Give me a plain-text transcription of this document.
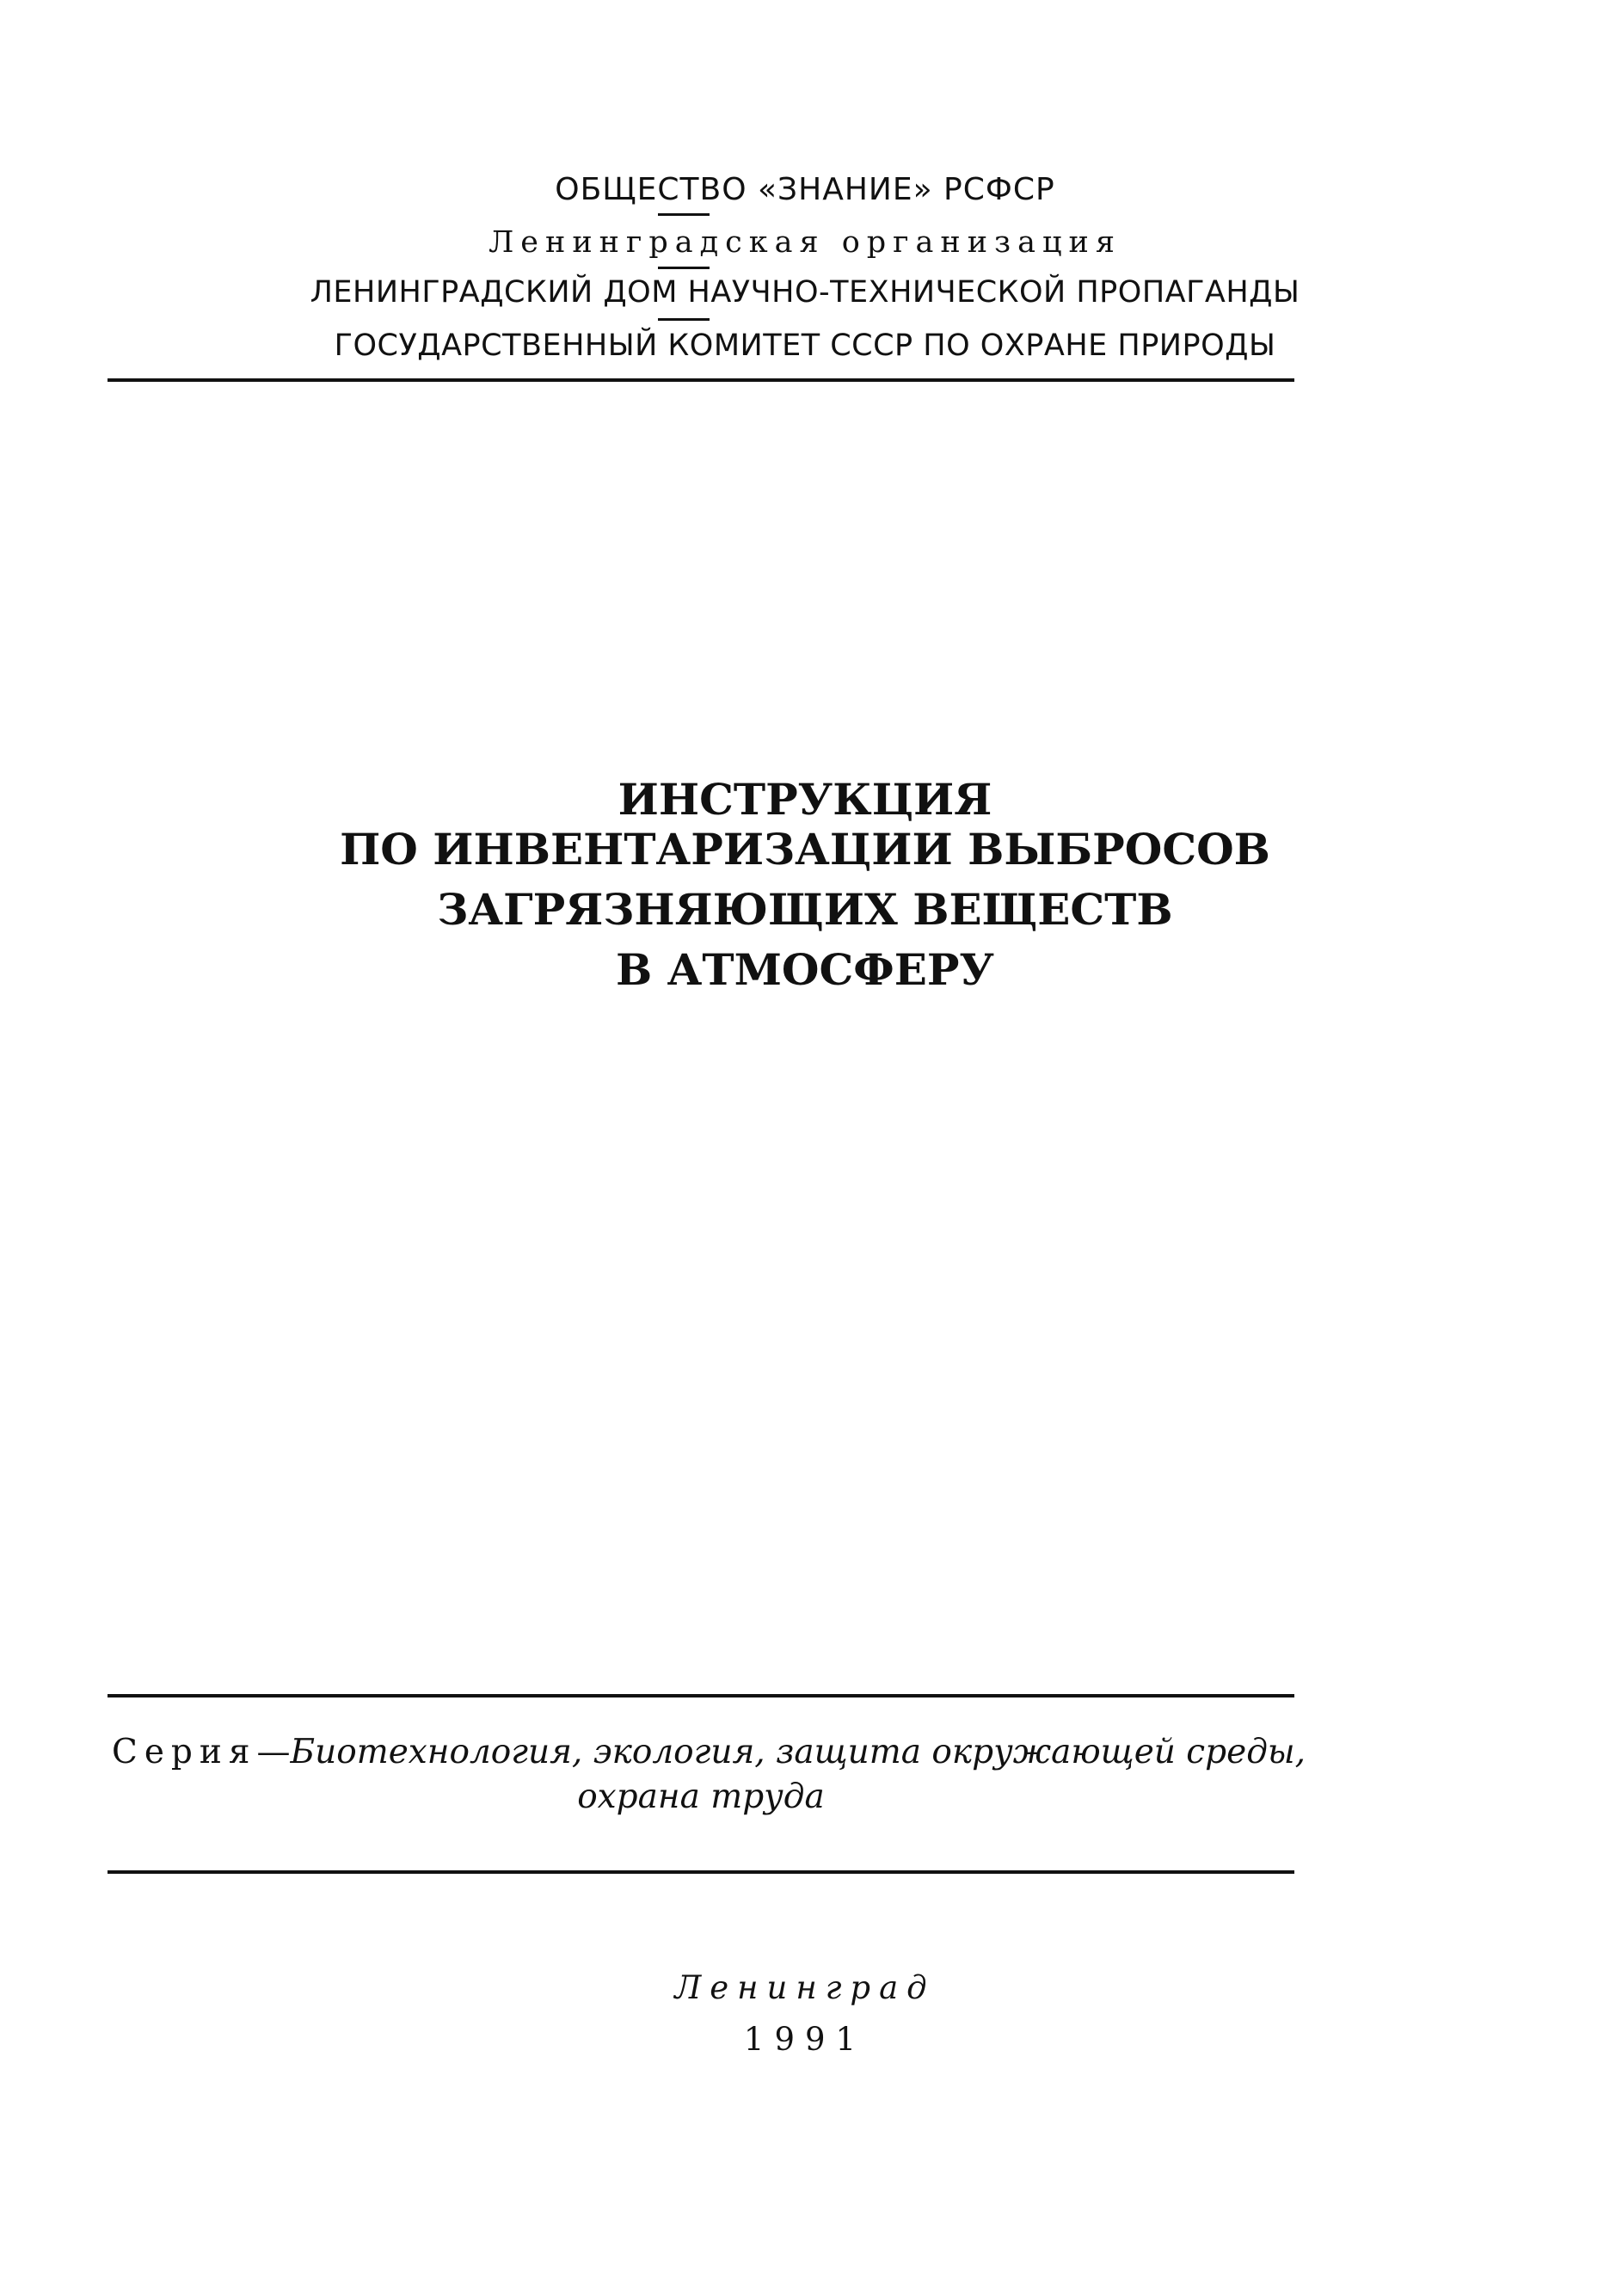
ОБЩЕСТВО «ЗНАНИЕ» РСФСР
Ленинградская организация
ЛЕНИНГРАДСКИЙ ДОМ НАУЧНО-ТЕХНИЧЕСКОЙ ПРОПАГАНДЫ
ГОСУДАРСТВЕННЫЙ КОМИТЕТ СССР ПО ОХРАНЕ ПРИРОДЫ
ИНСТРУКЦИЯ
ПО ИНВЕНТАРИЗАЦИИ ВЫБРОСОВ
ЗАГРЯЗНЯЮЩИХ ВЕЩЕСТВ
В АТМОСФЕРУ
Серия—Биотехнология, экология, защита окружающей среды,
охрана труда
Ленинград
1991
